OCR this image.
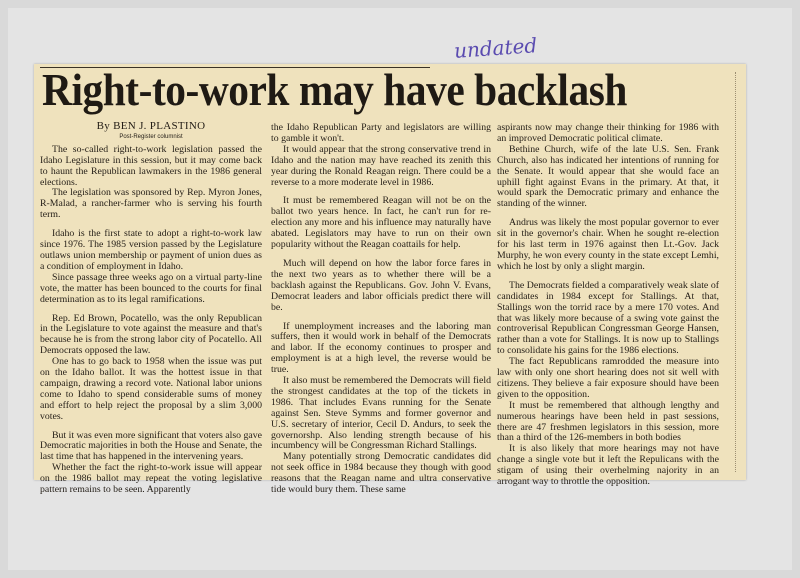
Right-to-work may have backlash
undated
By BEN J. PLASTINO
Post-Register columnist

The so-called right-to-work legislation passed the Idaho Legislature in this session, but it may come back to haunt the Republican lawmakers in the 1986 general elections.

The legislation was sponsored by Rep. Myron Jones, R-Malad, a rancher-farmer who is serving his fourth term.

Idaho is the first state to adopt a right-to-work law since 1976. The 1985 version passed by the Legislature outlaws union membership or payment of union dues as a condition of employment in Idaho.

Since passage three weeks ago on a virtual party-line vote, the matter has been bounced to the courts for final determination as to its legal ramifications.

Rep. Ed Brown, Pocatello, was the only Republican in the Legislature to vote against the measure and that's because he is from the strong labor city of Pocatello. All Democrats opposed the law.

One has to go back to 1958 when the issue was put on the Idaho ballot. It was the hottest issue in that campaign, drawing a record vote. National labor unions come to Idaho to spend considerable sums of money and effort to help reject the proposal by a slim 3,000 votes.

But it was even more significant that voters also gave Democratic majorities in both the House and Senate, the last time that has happened in the intervening years.

Whether the fact the right-to-work issue will appear on the 1986 ballot may repeat the voting legislative pattern remains to be seen. Apparently

the Idaho Republican Party and legislators are willing to gamble it won't.

It would appear that the strong conservative trend in Idaho and the nation may have reached its zenith this year during the Ronald Reagan reign. There could be a reverse to a more moderate level in 1986.

It must be remembered Reagan will not be on the ballot two years hence. In fact, he can't run for re-election any more and his influence may naturally have abated. Legislators may have to run on their own popularity without the Reagan coattails for help.

Much will depend on how the labor force fares in the next two years as to whether there will be a backlash against the Republicans. Gov. John V. Evans, Democrat leaders and labor officials predict there will be.

If unemployment increases and the laboring man suffers, then it would work in behalf of the Democrats and labor. If the economy continues to prosper and employment is at a high level, the reverse would be true.

It also must be remembered the Democrats will field the strongest candidates at the top of the tickets in 1986. That includes Evans running for the Senate against Sen. Steve Symms and former governor and U.S. secretary of interior, Cecil D. Andurs, to seek the governorshp. Also lending strength because of his incumbency will be Congressman Richard Stallings.

Many potentially strong Democratic candidates did not seek office in 1984 because they though with good reasons that the Reagan name and ultra conservative tide would bury them. These same

aspirants now may change their thinking for 1986 with an improved Democratic political climate.

Bethine Church, wife of the late U.S. Sen. Frank Church, also has indicated her intentions of running for the Senate. It would appear that she would face an uphill fight against Evans in the primary. At that, it would spark the Democratic primary and enhance the standing of the winner.

Andrus was likely the most popular governor to ever sit in the governor's chair. When he sought re-election for his last term in 1976 against then Lt.-Gov. Jack Murphy, he won every county in the state except Lemhi, which he lost by only a slight margin.

The Democrats fielded a comparatively weak slate of candidates in 1984 except for Stallings. At that, Stallings won the torrid race by a mere 170 votes. And that was likely more because of a swing vote gainst the controverisal Republican Congressman George Hansen, rather than a vote for Stallings. It is now up to Stallings to consolidate his gains for the 1986 elections.

The fact Republicans ramrodded the measure into law with only one short hearing does not sit well with citizens. They believe a fair exposure should have been given to the opposition.

It must be remembered that although lengthy and numerous hearings have been held in past sessions, there are 47 freshmen legislators in this session, more than a third of the 126-members in both bodies

It is also likely that more hearings may not have change a single vote but it left the Repulicans with the stigam of using their overhelming najority in an arrogant way to throttle the opposition.
